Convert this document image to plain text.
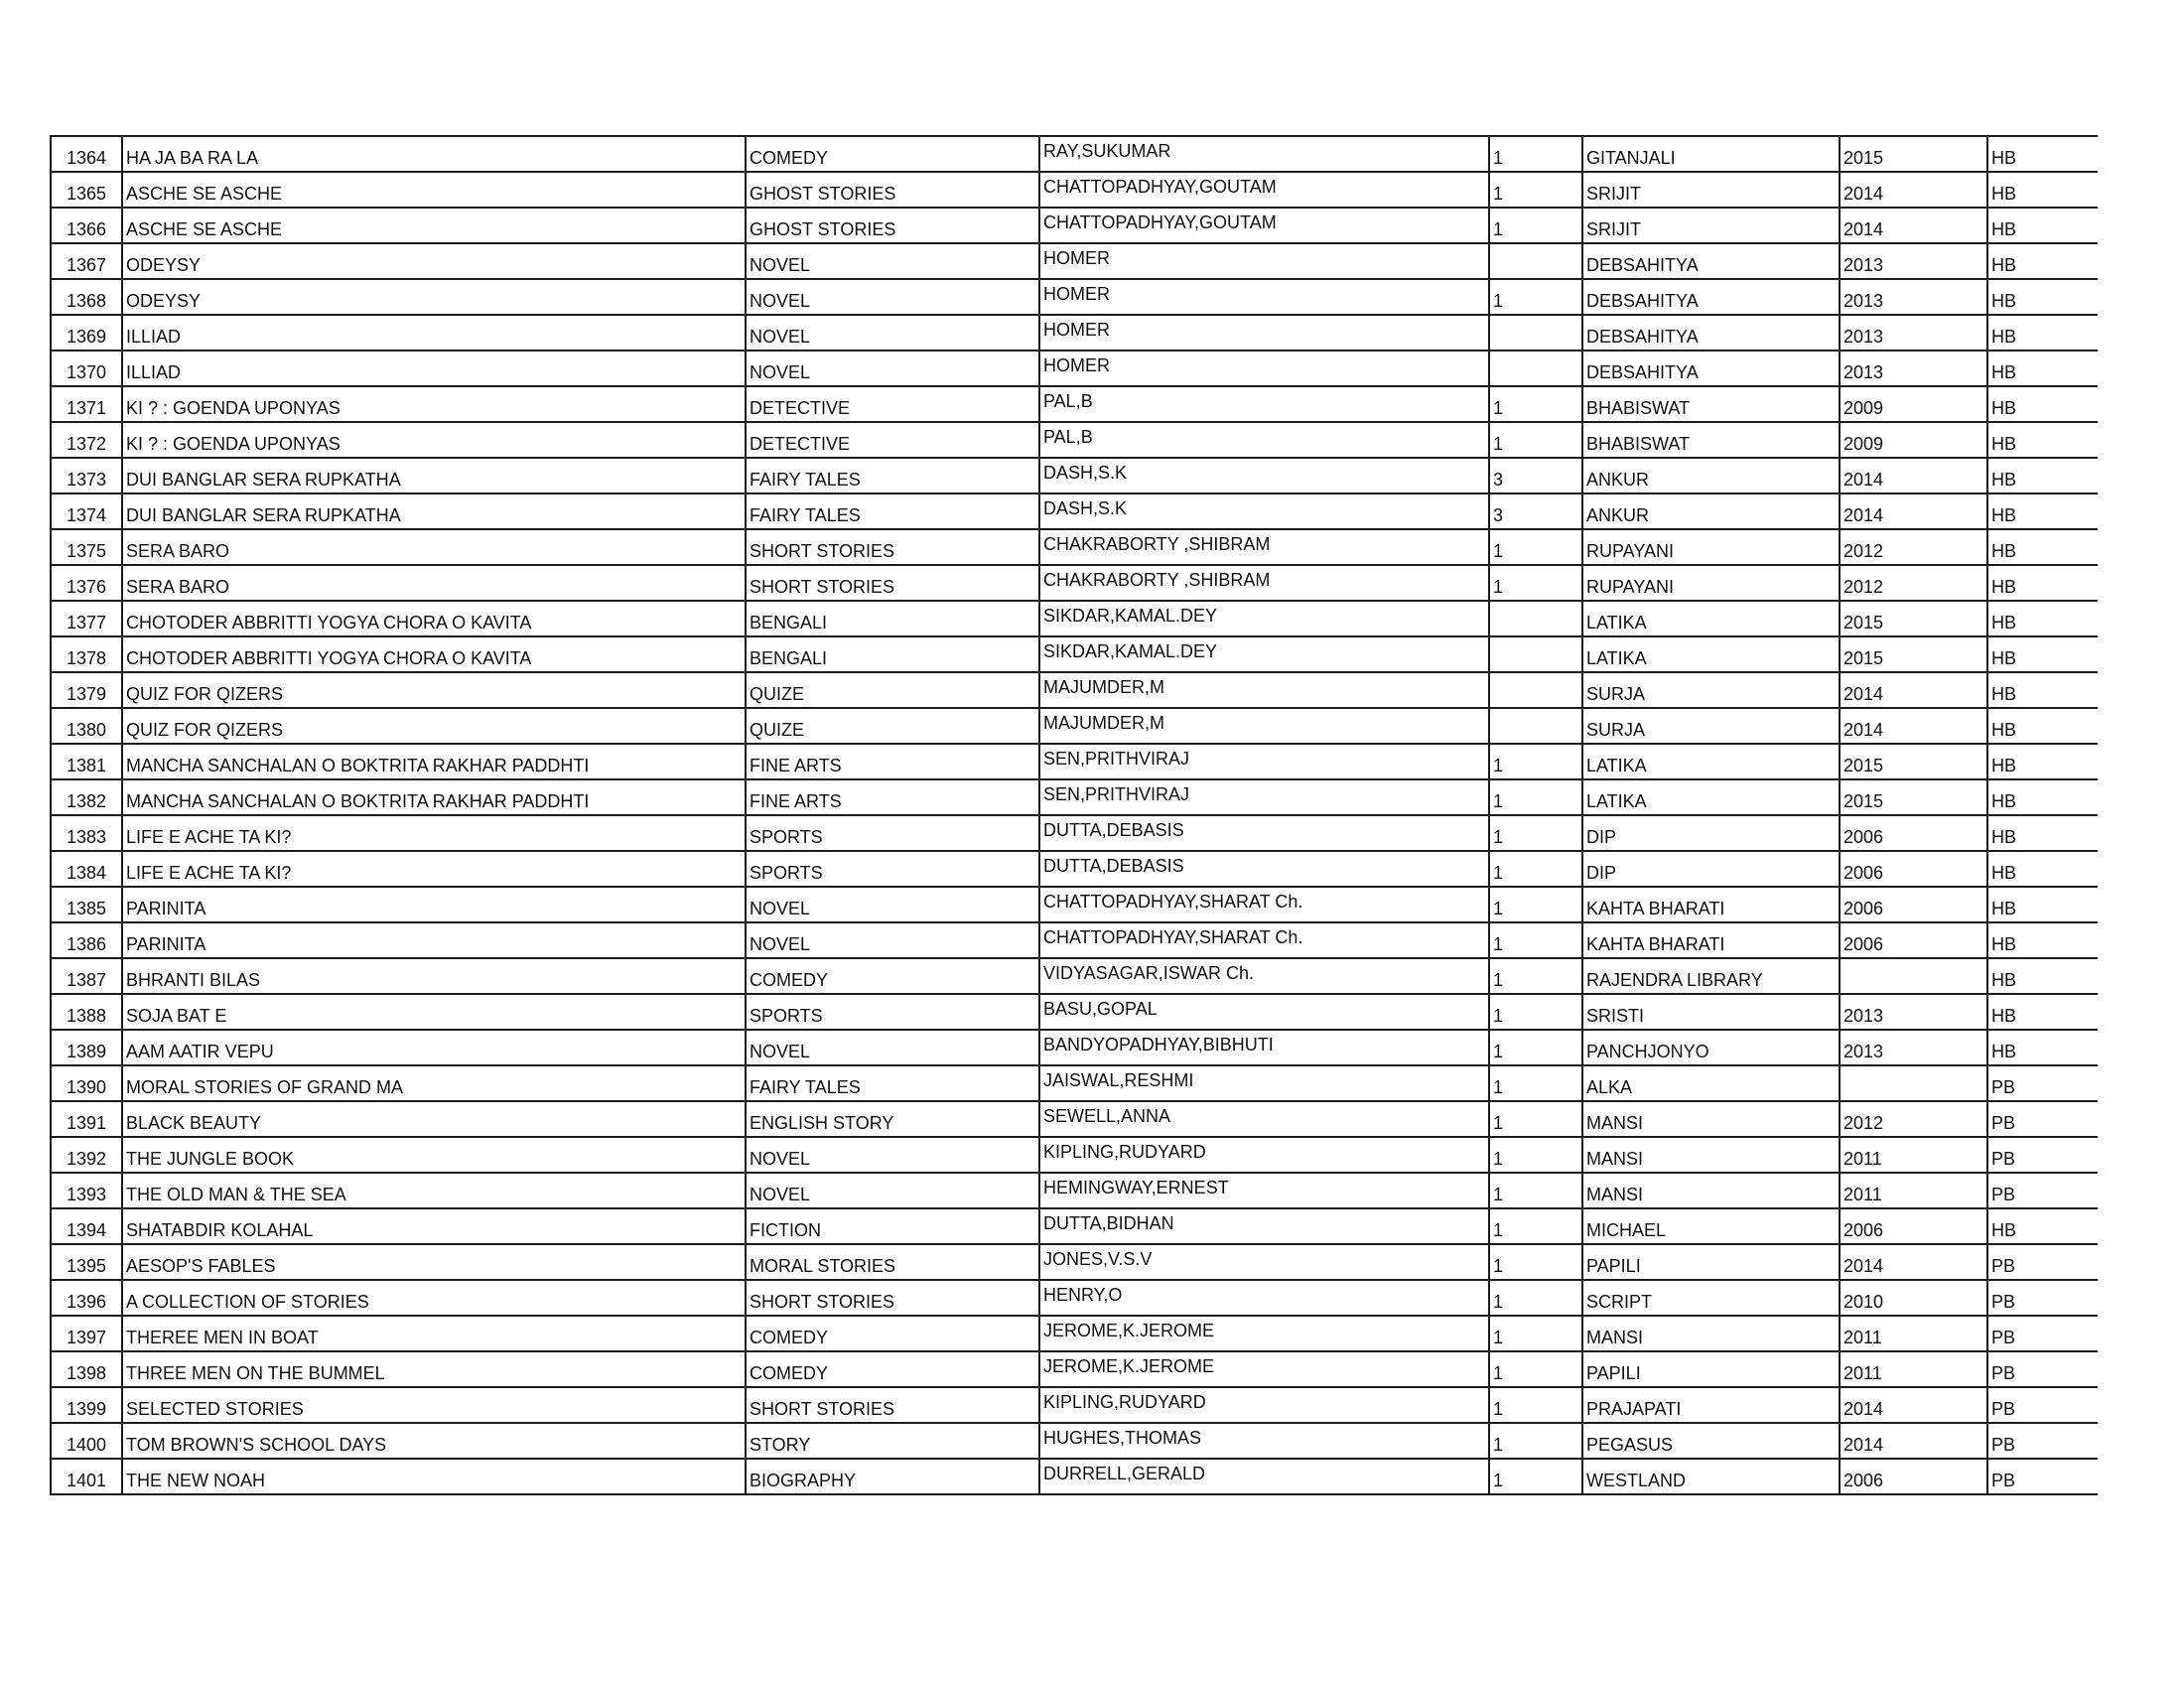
1364	HA JA BA RA LA	COMEDY	RAY,SUKUMAR	1	GITANJALI	2015	HB
1365	ASCHE SE ASCHE	GHOST STORIES	CHATTOPADHYAY,GOUTAM	1	SRIJIT	2014	HB
1366	ASCHE SE ASCHE	GHOST STORIES	CHATTOPADHYAY,GOUTAM	1	SRIJIT	2014	HB
1367	ODEYSY	NOVEL	HOMER		DEBSAHITYA	2013	HB
1368	ODEYSY	NOVEL	HOMER	1	DEBSAHITYA	2013	HB
1369	ILLIAD	NOVEL	HOMER		DEBSAHITYA	2013	HB
1370	ILLIAD	NOVEL	HOMER		DEBSAHITYA	2013	HB
1371	KI ? : GOENDA UPONYAS	DETECTIVE	PAL,B	1	BHABISWAT	2009	HB
1372	KI ? : GOENDA UPONYAS	DETECTIVE	PAL,B	1	BHABISWAT	2009	HB
1373	DUI BANGLAR SERA RUPKATHA	FAIRY TALES	DASH,S.K	3	ANKUR	2014	HB
1374	DUI BANGLAR SERA RUPKATHA	FAIRY TALES	DASH,S.K	3	ANKUR	2014	HB
1375	SERA BARO	SHORT STORIES	CHAKRABORTY ,SHIBRAM	1	RUPAYANI	2012	HB
1376	SERA BARO	SHORT STORIES	CHAKRABORTY ,SHIBRAM	1	RUPAYANI	2012	HB
1377	CHOTODER ABBRITTI YOGYA CHORA O KAVITA	BENGALI	SIKDAR,KAMAL.DEY		LATIKA	2015	HB
1378	CHOTODER ABBRITTI YOGYA CHORA O KAVITA	BENGALI	SIKDAR,KAMAL.DEY		LATIKA	2015	HB
1379	QUIZ FOR QIZERS	QUIZE	MAJUMDER,M		SURJA	2014	HB
1380	QUIZ FOR QIZERS	QUIZE	MAJUMDER,M		SURJA	2014	HB
1381	MANCHA SANCHALAN O BOKTRITA RAKHAR PADDHTI	FINE ARTS	SEN,PRITHVIRAJ	1	LATIKA	2015	HB
1382	MANCHA SANCHALAN O BOKTRITA RAKHAR PADDHTI	FINE ARTS	SEN,PRITHVIRAJ	1	LATIKA	2015	HB
1383	LIFE E ACHE TA KI?	SPORTS	DUTTA,DEBASIS	1	DIP	2006	HB
1384	LIFE E ACHE TA KI?	SPORTS	DUTTA,DEBASIS	1	DIP	2006	HB
1385	PARINITA	NOVEL	CHATTOPADHYAY,SHARAT Ch.	1	KAHTA BHARATI	2006	HB
1386	PARINITA	NOVEL	CHATTOPADHYAY,SHARAT Ch.	1	KAHTA BHARATI	2006	HB
1387	BHRANTI BILAS	COMEDY	VIDYASAGAR,ISWAR Ch.	1	RAJENDRA LIBRARY		HB
1388	SOJA BAT E	SPORTS	BASU,GOPAL	1	SRISTI	2013	HB
1389	AAM AATIR VEPU	NOVEL	BANDYOPADHYAY,BIBHUTI	1	PANCHJONYO	2013	HB
1390	MORAL STORIES OF GRAND MA	FAIRY TALES	JAISWAL,RESHMI	1	ALKA		PB
1391	BLACK BEAUTY	ENGLISH STORY	SEWELL,ANNA	1	MANSI	2012	PB
1392	THE JUNGLE BOOK	NOVEL	KIPLING,RUDYARD	1	MANSI	2011	PB
1393	THE OLD MAN & THE SEA	NOVEL	HEMINGWAY,ERNEST	1	MANSI	2011	PB
1394	SHATABDIR KOLAHAL	FICTION	DUTTA,BIDHAN	1	MICHAEL	2006	HB
1395	AESOP'S FABLES	MORAL STORIES	JONES,V.S.V	1	PAPILI	2014	PB
1396	A COLLECTION OF STORIES	SHORT STORIES	HENRY,O	1	SCRIPT	2010	PB
1397	THEREE MEN IN BOAT	COMEDY	JEROME,K.JEROME	1	MANSI	2011	PB
1398	THREE MEN ON THE BUMMEL	COMEDY	JEROME,K.JEROME	1	PAPILI	2011	PB
1399	SELECTED STORIES	SHORT STORIES	KIPLING,RUDYARD	1	PRAJAPATI	2014	PB
1400	TOM BROWN'S SCHOOL DAYS	STORY	HUGHES,THOMAS	1	PEGASUS	2014	PB
1401	THE NEW NOAH	BIOGRAPHY	DURRELL,GERALD	1	WESTLAND	2006	PB
